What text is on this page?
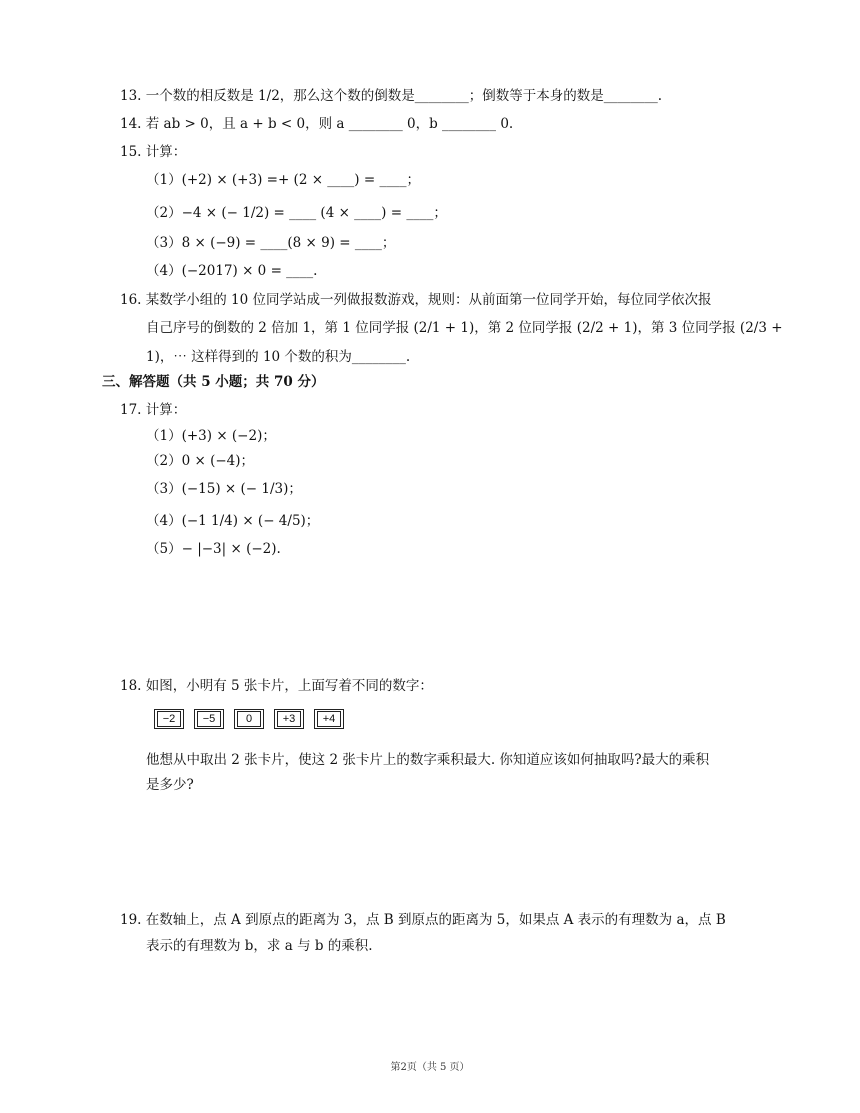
13. 一个数的相反数是 1/2，那么这个数的倒数是________；倒数等于本身的数是________.
14. 若 ab > 0，且 a + b < 0，则 a ________ 0，b ________ 0.
15. 计算：
（1）(+2) × (+3) =+ (2 × ____) = ____；
（2）−4 × (− 1/2) = ____ (4 × ____) = ____；
（3）8 × (−9) = ____(8 × 9) = ____；
（4）(−2017) × 0 = ____.
16. 某数学小组的 10 位同学站成一列做报数游戏，规则：从前面第一位同学开始，每位同学依次报
自己序号的倒数的 2 倍加 1，第 1 位同学报 (2/1 + 1)，第 2 位同学报 (2/2 + 1)，第 3 位同学报 (2/3 +
1)，⋯ 这样得到的 10 个数的积为________.
三、解答题（共 5 小题；共 70 分）
17. 计算：
（1）(+3) × (−2)；
（2）0 × (−4)；
（3）(−15) × (− 1/3)；
（4）(−1 1/4) × (− 4/5)；
（5）− |−3| × (−2).
18. 如图，小明有 5 张卡片，上面写着不同的数字：
−2	−5	0	+3	+4
他想从中取出 2 张卡片，使这 2 张卡片上的数字乘积最大. 你知道应该如何抽取吗?最大的乘积
是多少?
19. 在数轴上，点 A 到原点的距离为 3，点 B 到原点的距离为 5，如果点 A 表示的有理数为 a，点 B
表示的有理数为 b，求 a 与 b 的乘积.
第2页（共 5 页）
